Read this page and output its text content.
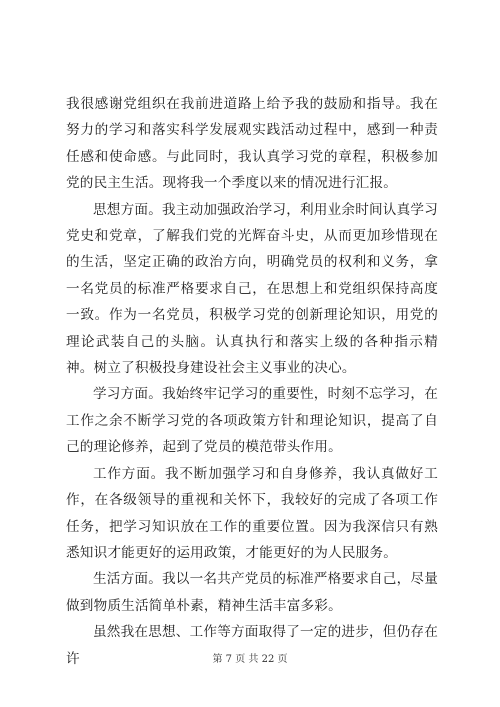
我很感谢党组织在我前进道路上给予我的鼓励和指导。我在努力的学习和落实科学发展观实践活动过程中，感到一种责任感和使命感。与此同时，我认真学习党的章程，积极参加党的民主生活。现将我一个季度以来的情况进行汇报。

思想方面。我主动加强政治学习，利用业余时间认真学习党史和党章，了解我们党的光辉奋斗史，从而更加珍惜现在的生活，坚定正确的政治方向，明确党员的权利和义务，拿一名党员的标准严格要求自己，在思想上和党组织保持高度一致。作为一名党员，积极学习党的创新理论知识，用党的理论武装自己的头脑。认真执行和落实上级的各种指示精神。树立了积极投身建设社会主义事业的决心。

学习方面。我始终牢记学习的重要性，时刻不忘学习，在工作之余不断学习党的各项政策方针和理论知识，提高了自己的理论修养，起到了党员的模范带头作用。

工作方面。我不断加强学习和自身修养，我认真做好工作，在各级领导的重视和关怀下，我较好的完成了各项工作任务，把学习知识放在工作的重要位置。因为我深信只有熟悉知识才能更好的运用政策，才能更好的为人民服务。

生活方面。我以一名共产党员的标准严格要求自己，尽量做到物质生活简单朴素，精神生活丰富多彩。

虽然我在思想、工作等方面取得了一定的进步，但仍存在许	第 7 页 共 22 页
